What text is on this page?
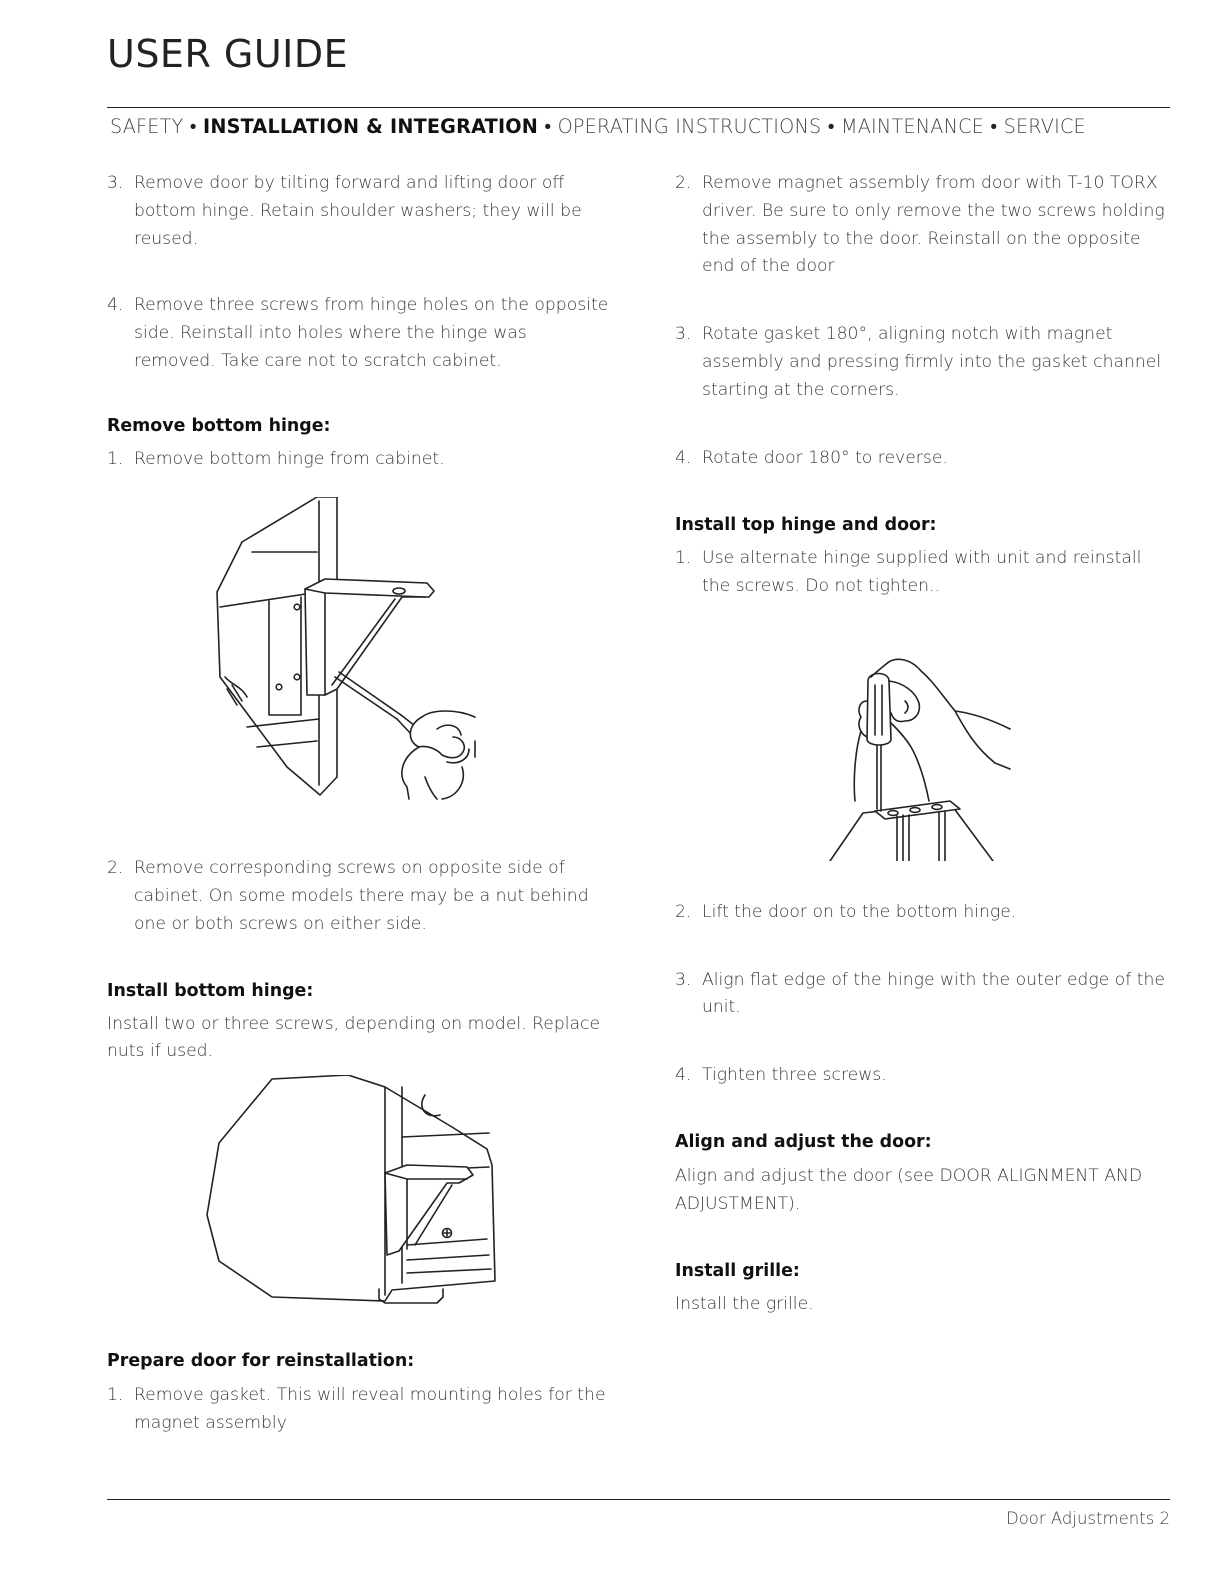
USER GUIDE
SAFETY • INSTALLATION & INTEGRATION • OPERATING INSTRUCTIONS • MAINTENANCE • SERVICE
3. Remove door by tilting forward and lifting door off bottom hinge. Retain shoulder washers; they will be reused.
4. Remove three screws from hinge holes on the opposite side. Reinstall into holes where the hinge was removed. Take care not to scratch cabinet.
Remove bottom hinge:
1. Remove bottom hinge from cabinet.
2. Remove corresponding screws on opposite side of cabinet. On some models there may be a nut behind one or both screws on either side.
Install bottom hinge:
Install two or three screws, depending on model. Replace nuts if used.
Prepare door for reinstallation:
1. Remove gasket. This will reveal mounting holes for the magnet assembly
2. Remove magnet assembly from door with T-10 TORX driver. Be sure to only remove the two screws holding the assembly to the door. Reinstall on the opposite end of the door
3. Rotate gasket 180°, aligning notch with magnet assembly and pressing firmly into the gasket channel starting at the corners.
4. Rotate door 180° to reverse.
Install top hinge and door:
1. Use alternate hinge supplied with unit and reinstall the screws. Do not tighten..
2. Lift the door on to the bottom hinge.
3. Align flat edge of the hinge with the outer edge of the unit.
4. Tighten three screws.
Align and adjust the door:
Align and adjust the door (see DOOR ALIGNMENT AND ADJUSTMENT).
Install grille:
Install the grille.
Door Adjustments 2
